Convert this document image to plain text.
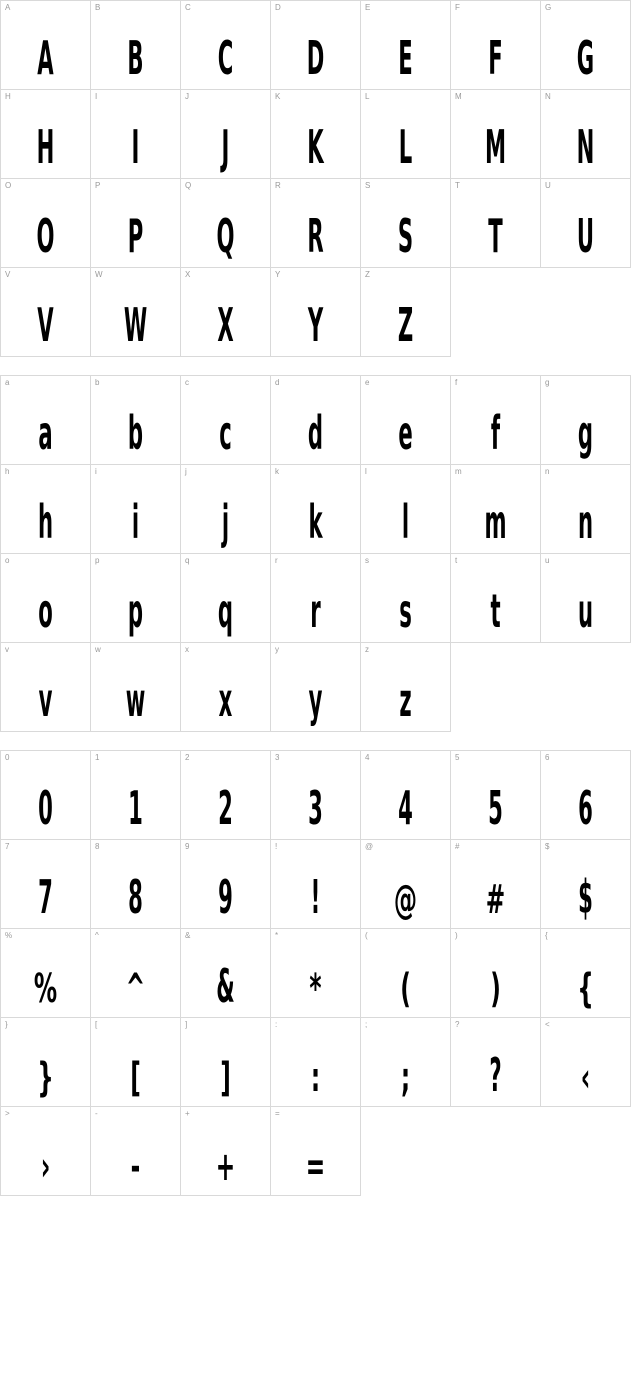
A
A
B
B
C
C
D
D
E
E
F
F
G
G
H
H
I
I
J
J
K
K
L
L
M
M
N
N
O
O
P
P
Q
Q
R
R
S
S
T
T
U
U
V
V
W
W
X
X
Y
Y
Z
Z
a
a
b
b
c
c
d
d
e
e
f
f
g
g
h
h
i
i
j
j
k
k
l
l
m
m
n
n
o
o
p
p
q
q
r
r
s
s
t
t
u
u
v
v
w
w
x
x
y
y
z
z
0
0
1
1
2
2
3
3
4
4
5
5
6
6
7
7
8
8
9
9
!
!
@
@
#
#
$
$
%
%
^
^
&
&
*
*
(
(
)
)
{
{
}
}
[
[
]
]
:
:
;
;
?
?
<
‹
>
›
-
-
+
+
=
=
